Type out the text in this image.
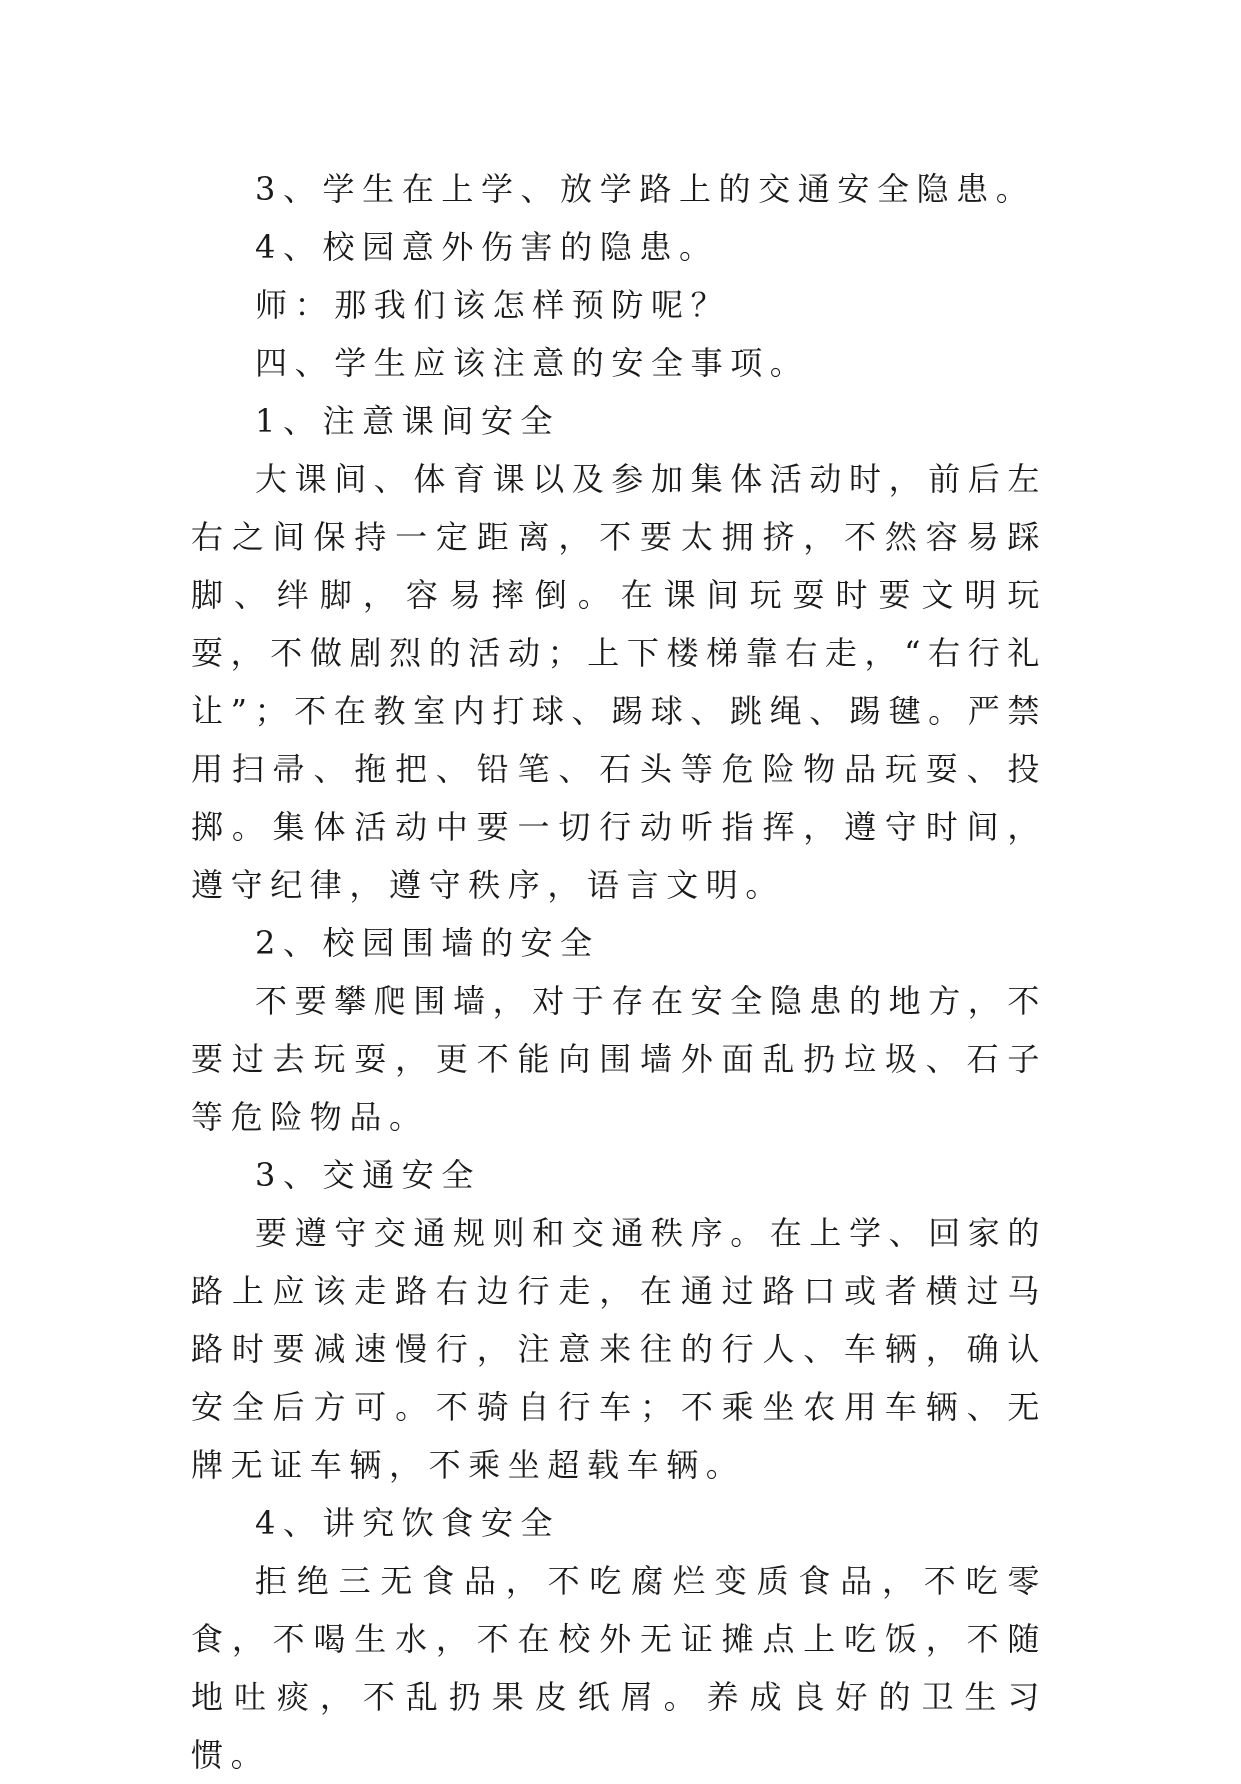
3、学生在上学、放学路上的交通安全隐患。

4、校园意外伤害的隐患。

师：那我们该怎样预防呢？

四、学生应该注意的安全事项。

1、注意课间安全

大课间、体育课以及参加集体活动时，前后左右之间保持一定距离，不要太拥挤，不然容易踩脚、绊脚，容易摔倒。在课间玩耍时要文明玩耍，不做剧烈的活动；上下楼梯靠右走，“右行礼让”；不在教室内打球、踢球、跳绳、踢毽。严禁用扫帚、拖把、铅笔、石头等危险物品玩耍、投掷。集体活动中要一切行动听指挥，遵守时间，遵守纪律，遵守秩序，语言文明。

2、校园围墙的安全

不要攀爬围墙，对于存在安全隐患的地方，不要过去玩耍，更不能向围墙外面乱扔垃圾、石子等危险物品。

3、交通安全

要遵守交通规则和交通秩序。在上学、回家的路上应该走路右边行走，在通过路口或者横过马路时要减速慢行，注意来往的行人、车辆，确认安全后方可。不骑自行车；不乘坐农用车辆、无牌无证车辆，不乘坐超载车辆。

4、讲究饮食安全

拒绝三无食品，不吃腐烂变质食品，不吃零食，不喝生水，不在校外无证摊点上吃饭，不随地吐痰，不乱扔果皮纸屑。养成良好的卫生习惯。
